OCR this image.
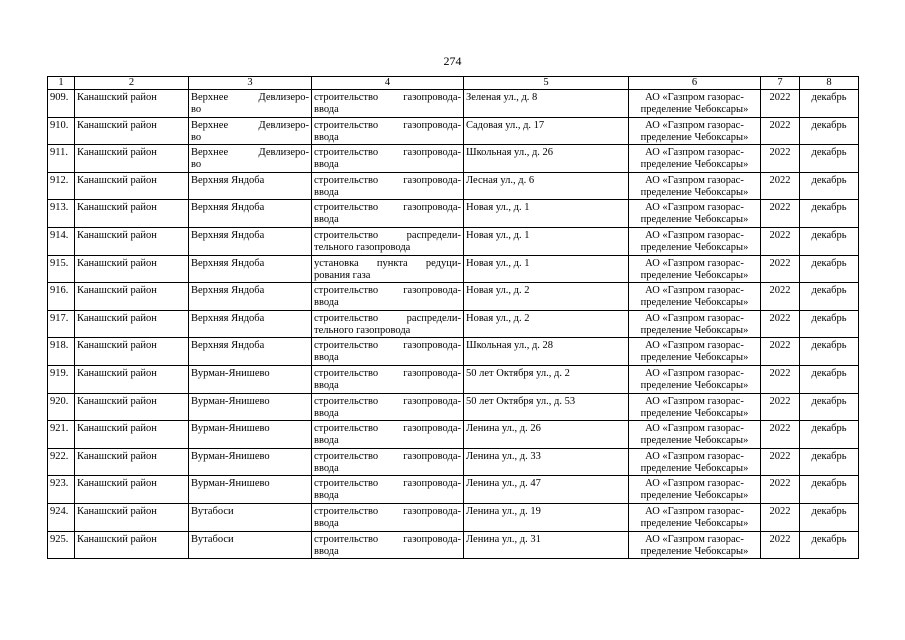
274
1	2	3	4	5	6	7	8
909.	Канашский район	Верхнее Девлизеро-
во	строительство газопровода-
ввода	Зеленая ул., д. 8	АО «Газпром газорас-
пределение Чебоксары»	2022	декабрь
910.	Канашский район	Верхнее Девлизеро-
во	строительство газопровода-
ввода	Садовая ул., д. 17	АО «Газпром газорас-
пределение Чебоксары»	2022	декабрь
911.	Канашский район	Верхнее Девлизеро-
во	строительство газопровода-
ввода	Школьная ул., д. 26	АО «Газпром газорас-
пределение Чебоксары»	2022	декабрь
912.	Канашский район	Верхняя Яндоба	строительство газопровода-
ввода	Лесная ул., д. 6	АО «Газпром газорас-
пределение Чебоксары»	2022	декабрь
913.	Канашский район	Верхняя Яндоба	строительство газопровода-
ввода	Новая ул., д. 1	АО «Газпром газорас-
пределение Чебоксары»	2022	декабрь
914.	Канашский район	Верхняя Яндоба	строительство распредели-
тельного газопровода	Новая ул., д. 1	АО «Газпром газорас-
пределение Чебоксары»	2022	декабрь
915.	Канашский район	Верхняя Яндоба	установка пункта редуци-
рования газа	Новая ул., д. 1	АО «Газпром газорас-
пределение Чебоксары»	2022	декабрь
916.	Канашский район	Верхняя Яндоба	строительство газопровода-
ввода	Новая ул., д. 2	АО «Газпром газорас-
пределение Чебоксары»	2022	декабрь
917.	Канашский район	Верхняя Яндоба	строительство распредели-
тельного газопровода	Новая ул., д. 2	АО «Газпром газорас-
пределение Чебоксары»	2022	декабрь
918.	Канашский район	Верхняя Яндоба	строительство газопровода-
ввода	Школьная ул., д. 28	АО «Газпром газорас-
пределение Чебоксары»	2022	декабрь
919.	Канашский район	Вурман-Янишево	строительство газопровода-
ввода	50 лет Октября ул., д. 2	АО «Газпром газорас-
пределение Чебоксары»	2022	декабрь
920.	Канашский район	Вурман-Янишево	строительство газопровода-
ввода	50 лет Октября ул., д. 53	АО «Газпром газорас-
пределение Чебоксары»	2022	декабрь
921.	Канашский район	Вурман-Янишево	строительство газопровода-
ввода	Ленина ул., д. 26	АО «Газпром газорас-
пределение Чебоксары»	2022	декабрь
922.	Канашский район	Вурман-Янишево	строительство газопровода-
ввода	Ленина ул., д. 33	АО «Газпром газорас-
пределение Чебоксары»	2022	декабрь
923.	Канашский район	Вурман-Янишево	строительство газопровода-
ввода	Ленина ул., д. 47	АО «Газпром газорас-
пределение Чебоксары»	2022	декабрь
924.	Канашский район	Вутабоси	строительство газопровода-
ввода	Ленина ул., д. 19	АО «Газпром газорас-
пределение Чебоксары»	2022	декабрь
925.	Канашский район	Вутабоси	строительство газопровода-
ввода	Ленина ул., д. 31	АО «Газпром газорас-
пределение Чебоксары»	2022	декабрь
